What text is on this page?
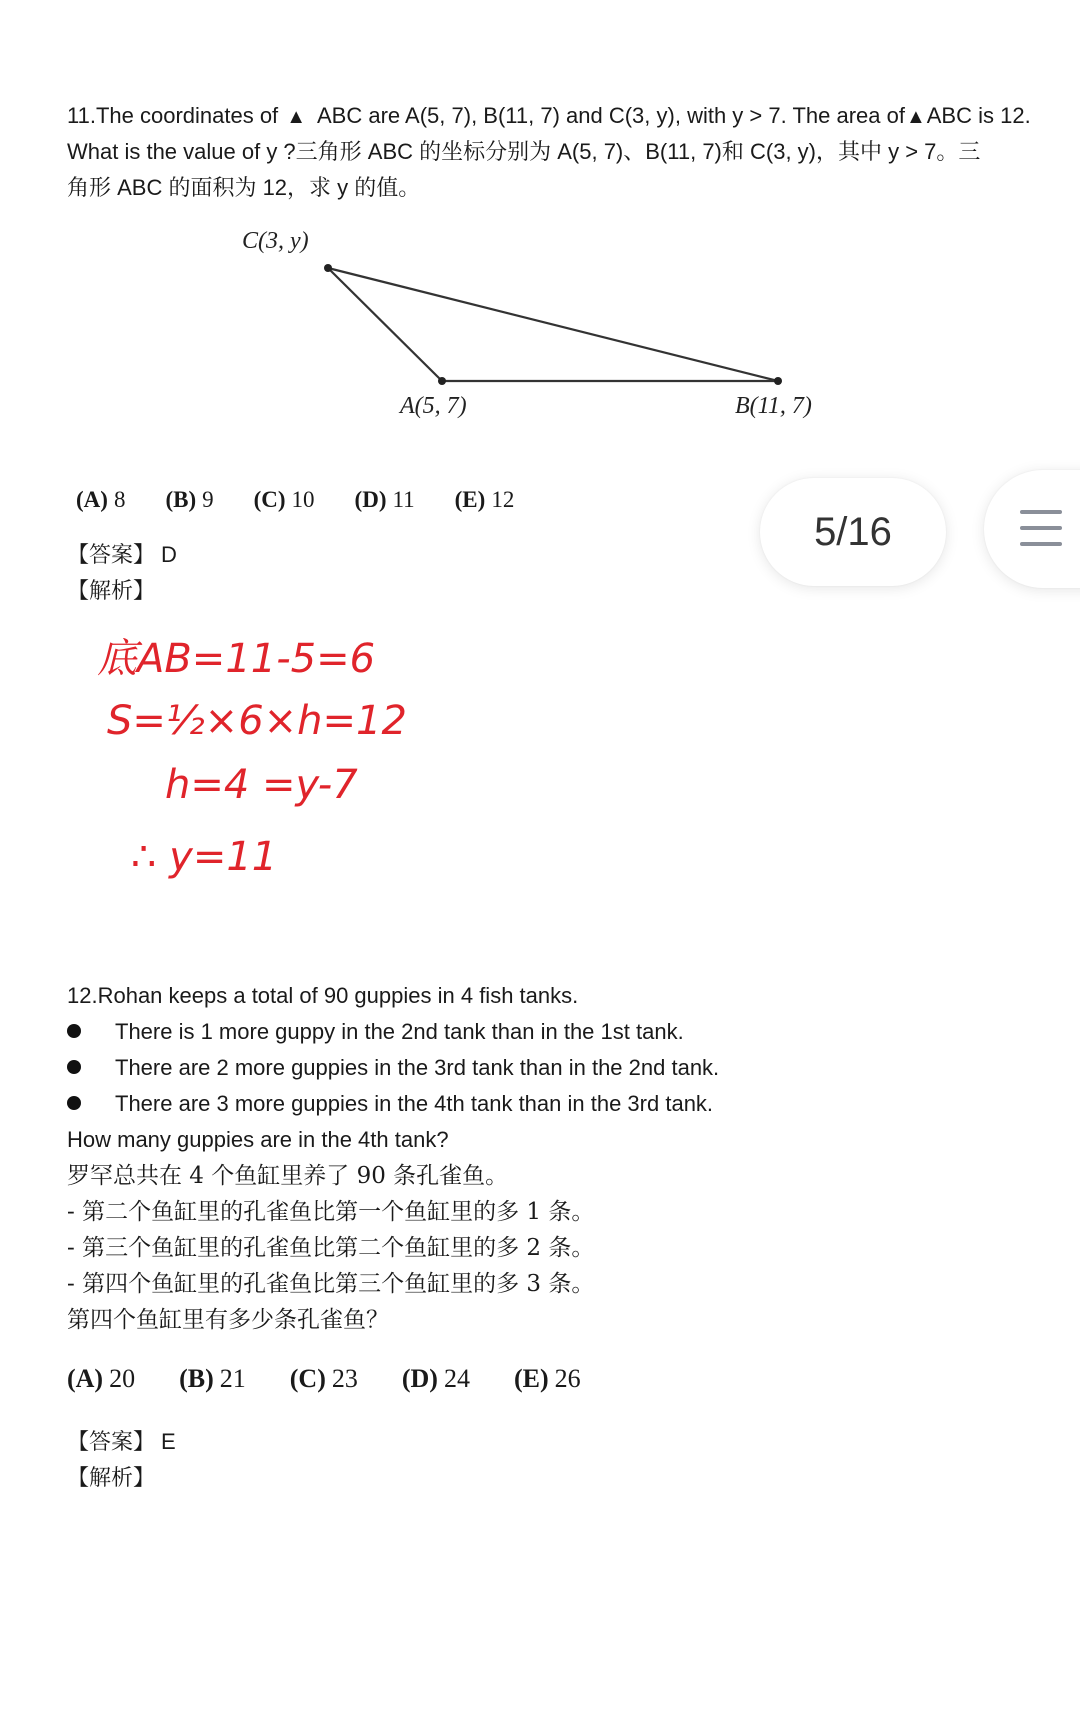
11.The coordinates of ▲ ABC are A(5, 7), B(11, 7) and C(3, y), with y > 7. The area of▲ABC is 12.
What is the value of y ?三角形 ABC 的坐标分别为 A(5, 7)、B(11, 7)和 C(3, y)，其中 y > 7。三
角形 ABC 的面积为 12，求 y 的值。
C(3, y)
A(5, 7)	B(11, 7)
(A) 8 (B) 9 (C) 10 (D) 11 (E) 12
【答案】 D
【解析】
底AB=11-5=6
S=½×6×h=12
h=4 =y-7
∴ y=11
12.Rohan keeps a total of 90 guppies in 4 fish tanks.
There is 1 more guppy in the 2nd tank than in the 1st tank.
There are 2 more guppies in the 3rd tank than in the 2nd tank.
There are 3 more guppies in the 4th tank than in the 3rd tank.
How many guppies are in the 4th tank?
罗罕总共在 4 个鱼缸里养了 90 条孔雀鱼。
- 第二个鱼缸里的孔雀鱼比第一个鱼缸里的多 1 条。
- 第三个鱼缸里的孔雀鱼比第二个鱼缸里的多 2 条。
- 第四个鱼缸里的孔雀鱼比第三个鱼缸里的多 3 条。
第四个鱼缸里有多少条孔雀鱼？
(A) 20 (B) 21 (C) 23 (D) 24 (E) 26
【答案】 E
【解析】
5/16
